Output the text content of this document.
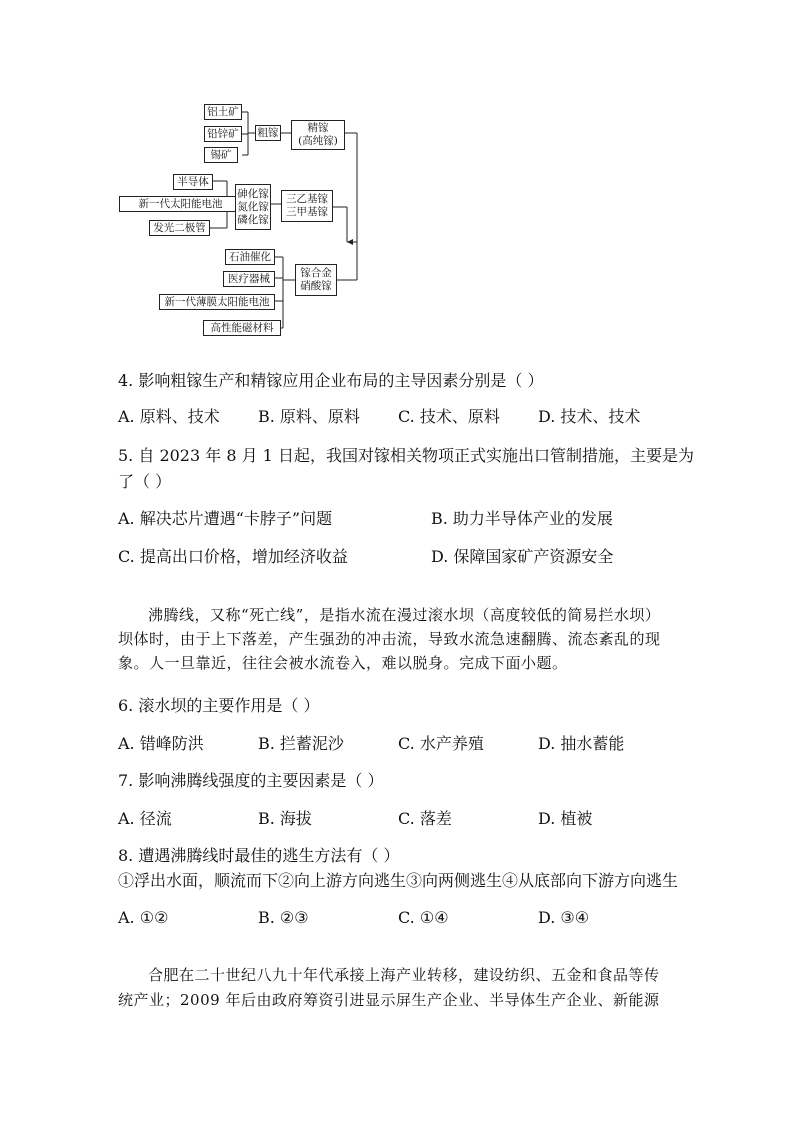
铝土矿
铅锌矿
锡矿
粗镓	精镓
(高纯镓)
半导体
新一代太阳能电池
发光二极管
砷化镓
氮化镓
磷化镓
三乙基镓
三甲基镓
石油催化
医疗器械
新一代薄膜太阳能电池
高性能磁材料
镓合金
硝酸镓
4. 影响粗镓生产和精镓应用企业布局的主导因素分别是（ ）
A. 原料、技术 B. 原料、原料 C. 技术、原料 D. 技术、技术
5. 自 2023 年 8 月 1 日起，我国对镓相关物项正式实施出口管制措施，主要是为
了（ ）
A. 解决芯片遭遇“卡脖子”问题	B. 助力半导体产业的发展
C. 提高出口价格，增加经济收益	D. 保障国家矿产资源安全
沸腾线，又称“死亡线”，是指水流在漫过滚水坝（高度较低的简易拦水坝）
坝体时，由于上下落差，产生强劲的冲击流，导致水流急速翻腾、流态紊乱的现
象。人一旦靠近，往往会被水流卷入，难以脱身。完成下面小题。
6. 滚水坝的主要作用是（ ）
A. 错峰防洪	B. 拦蓄泥沙	C. 水产养殖	D. 抽水蓄能
7. 影响沸腾线强度的主要因素是（ ）
A. 径流	B. 海拔	C. 落差	D. 植被
8. 遭遇沸腾线时最佳的逃生方法有（ ）
①浮出水面，顺流而下②向上游方向逃生③向两侧逃生④从底部向下游方向逃生
A. ①②	B. ②③	C. ①④	D. ③④
合肥在二十世纪八九十年代承接上海产业转移，建设纺织、五金和食品等传
统产业；2009 年后由政府筹资引进显示屏生产企业、半导体生产企业、新能源
